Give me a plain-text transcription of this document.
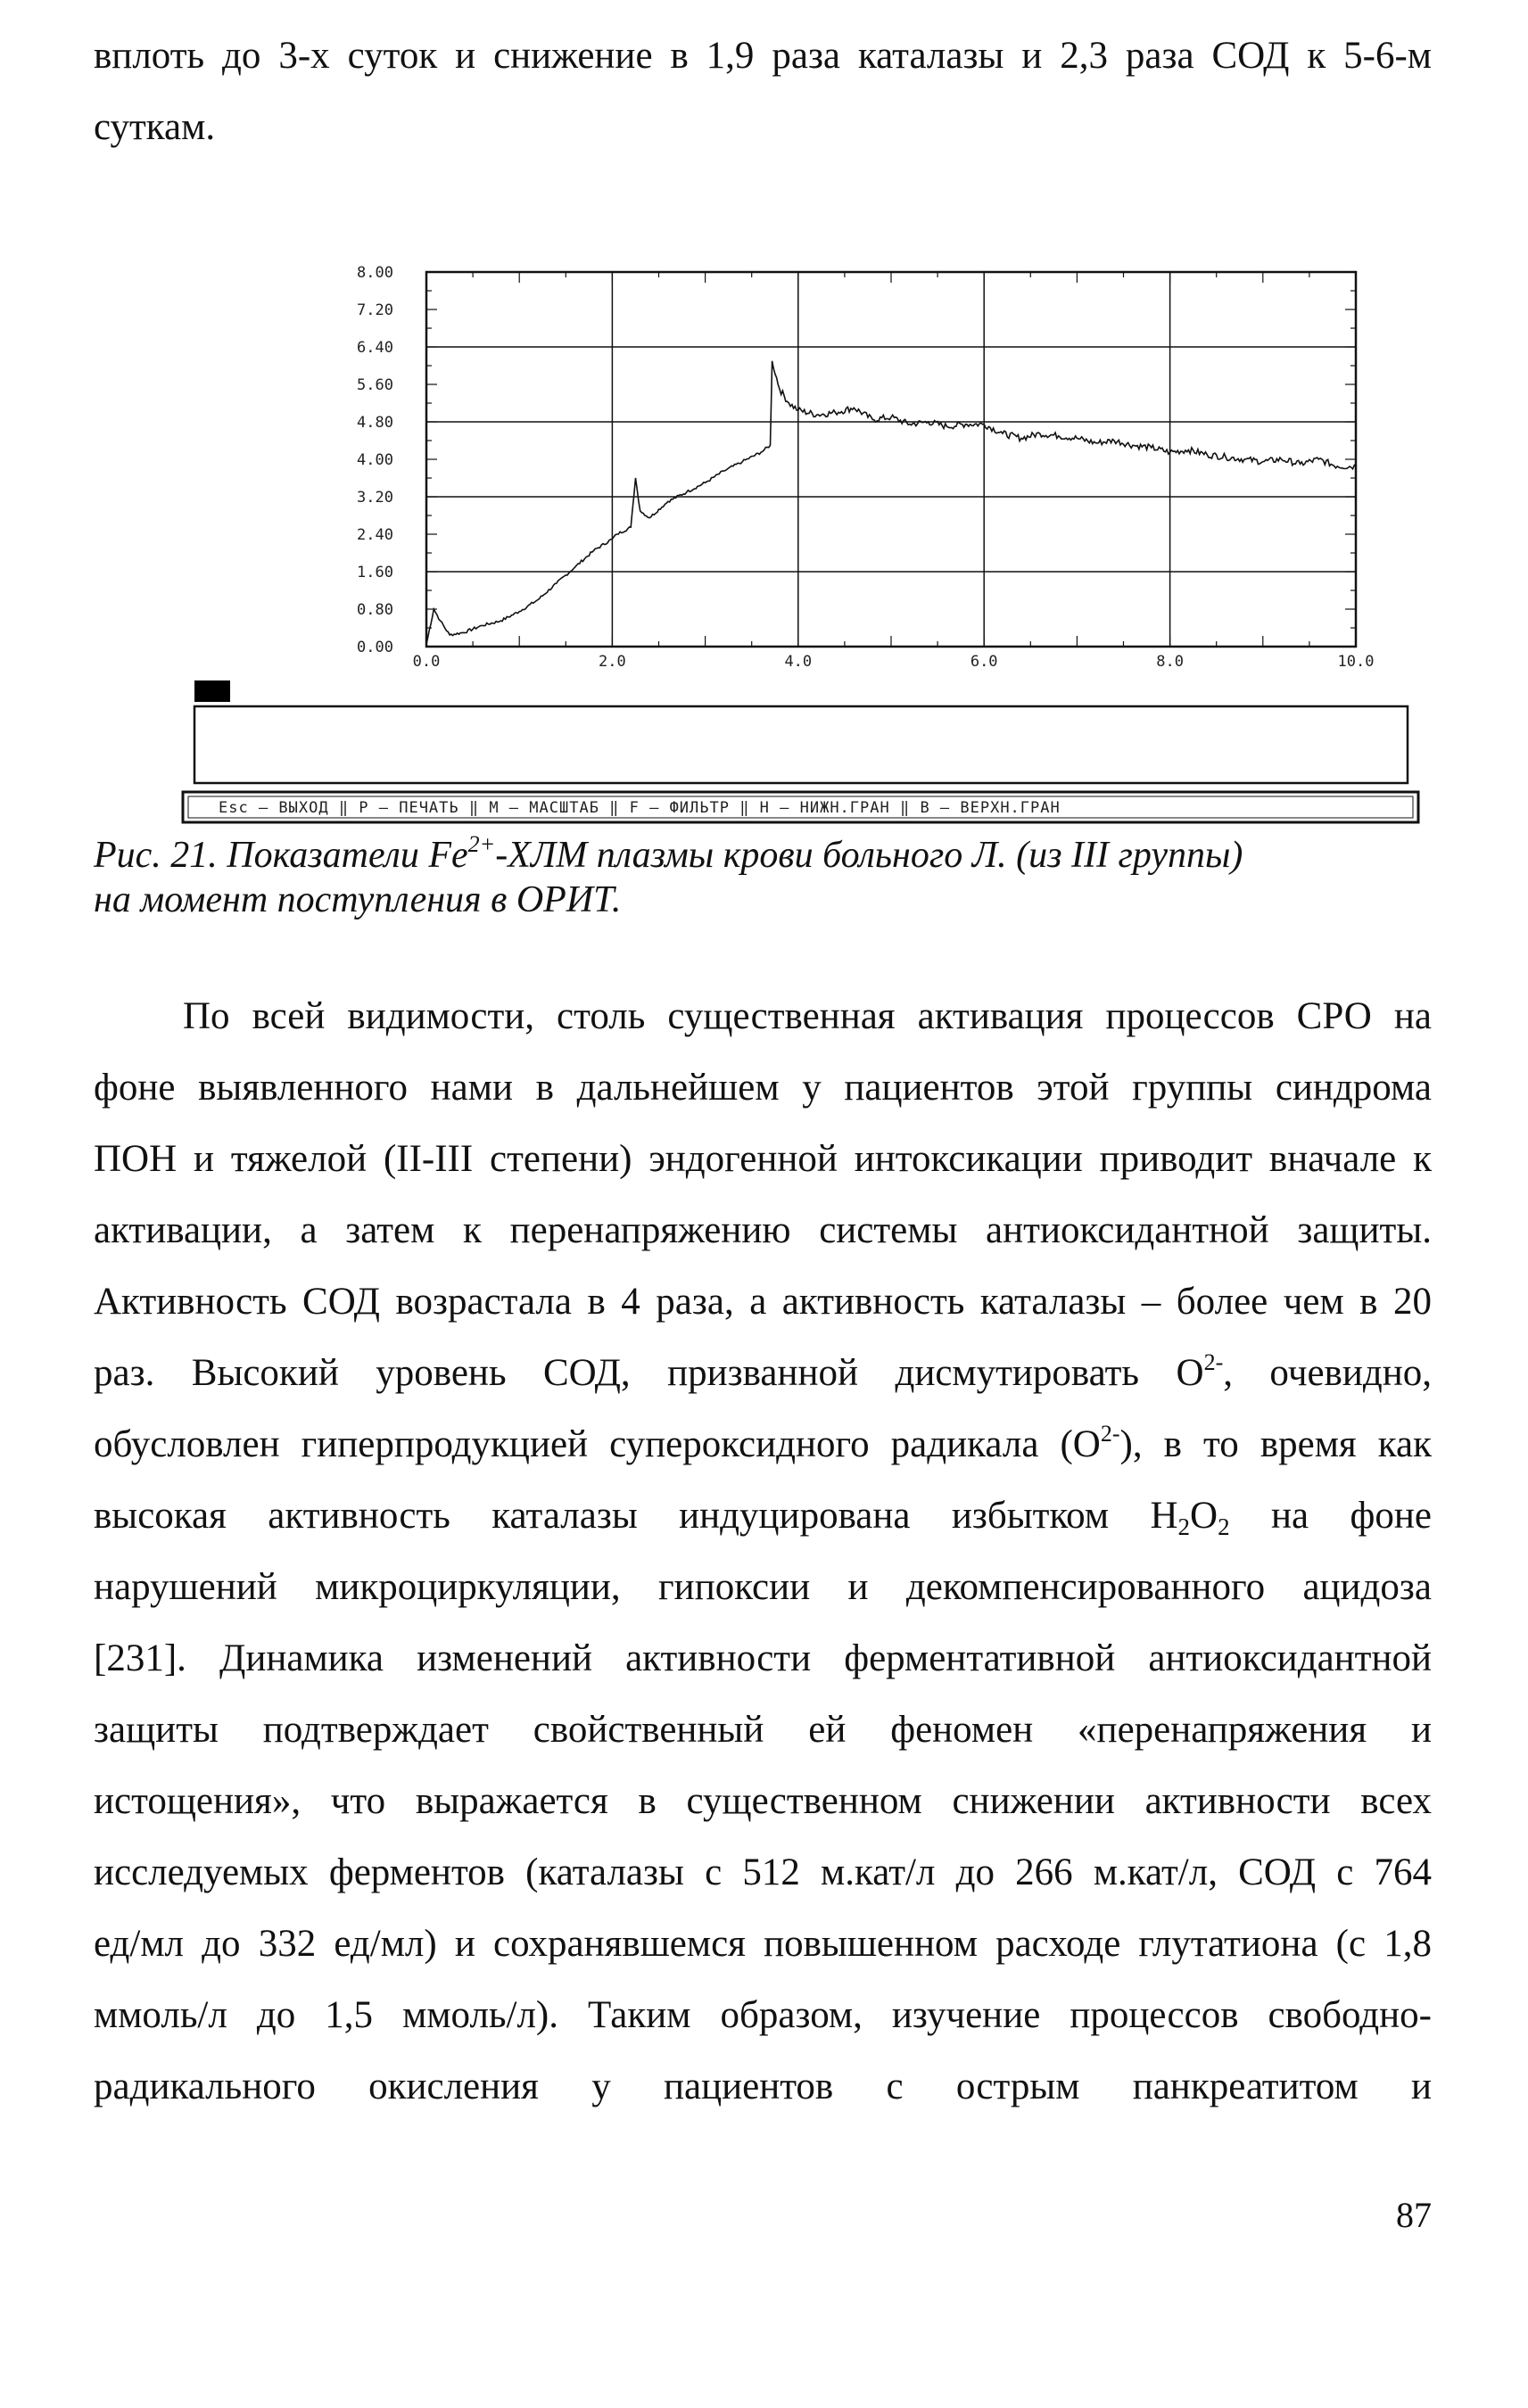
вплоть до 3-х суток и снижение в 1,9 раза каталазы и 2,3 раза СОД к 5-6-м
суткам.
8.00
7.20
6.40
5.60
4.80
4.00
3.20
2.40
1.60
0.80
0.00
0.0	2.0	4.0	6.0	8.0	10.0
Esc – ВЫХОД ‖ P – ПЕЧАТЬ ‖ M – МАСШТАБ ‖ F – ФИЛЬТР ‖ H – НИЖН.ГРАН ‖ B – ВЕРХН.ГРАН
Рис. 21. Показатели $Fe^{2+}$-ХЛМ плазмы крови больного Л. (из III группы)
на момент поступления в ОРИТ.
По всей видимости, столь существенная активация процессов СРО на
фоне выявленного нами в дальнейшем у пациентов этой группы синдрома
ПОН и тяжелой (II-III степени) эндогенной интоксикации приводит вначале к
активации, а затем к перенапряжению системы антиоксидантной защиты.
Активность СОД возрастала в 4 раза, а активность каталазы – более чем в 20
раз. Высокий уровень СОД, призванной дисмутировать $О^{2-}$, очевидно,
обусловлен гиперпродукцией супероксидного радикала $(О^{2-})$, в то время как
высокая активность каталазы индуцирована избытком $Н_2О_2$ на фоне
нарушений микроциркуляции, гипоксии и декомпенсированного ацидоза
[231]. Динамика изменений активности ферментативной антиоксидантной
защиты подтверждает свойственный ей феномен «перенапряжения и
истощения», что выражается в существенном снижении активности всех
исследуемых ферментов (каталазы с 512 м.кат/л до 266 м.кат/л, СОД с 764
ед/мл до 332 ед/мл) и сохранявшемся повышенном расходе глутатиона (с 1,8
ммоль/л до 1,5 ммоль/л). Таким образом, изучение процессов свободно-
радикального окисления у пациентов с острым панкреатитом и
87
